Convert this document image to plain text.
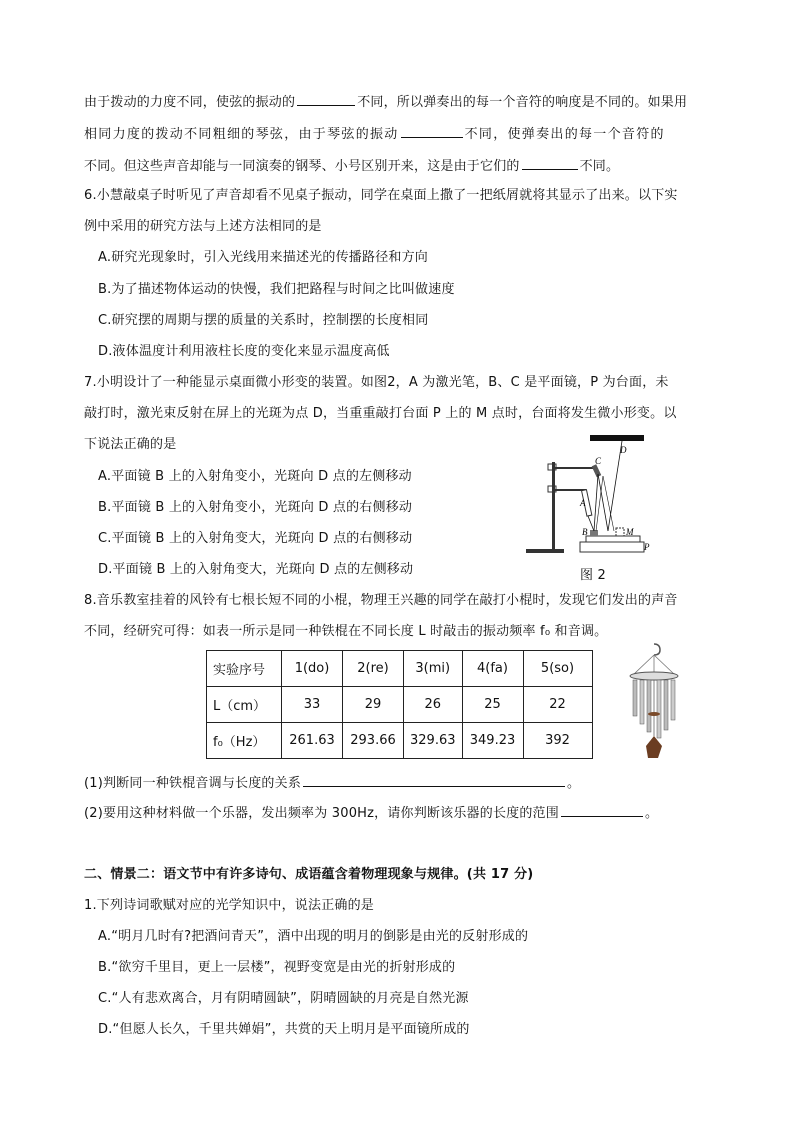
由于拨动的力度不同，使弦的振动的	不同，所以弹奏出的每一个音符的响度是不同的。如果用
相同力度的拨动不同粗细的琴弦，由于琴弦的振动	不同，使弹奏出的每一个音符的
不同。但这些声音却能与一同演奏的钢琴、小号区别开来，这是由于它们的	不同。
6.小慧敲桌子时听见了声音却看不见桌子振动，同学在桌面上撒了一把纸屑就将其显示了出来。以下实
例中采用的研究方法与上述方法相同的是
A.研究光现象时，引入光线用来描述光的传播路径和方向
B.为了描述物体运动的快慢，我们把路程与时间之比叫做速度
C.研究摆的周期与摆的质量的关系时，控制摆的长度相同
D.液体温度计利用液柱长度的变化来显示温度高低
7.小明设计了一种能显示桌面微小形变的装置。如图2，A 为激光笔，B、C 是平面镜，P 为台面，未
敲打时，激光束反射在屏上的光斑为点 D，当重重敲打台面 P 上的 M 点时，台面将发生微小形变。以
下说法正确的是
A.平面镜 B 上的入射角变小，光斑向 D 点的左侧移动
B.平面镜 B 上的入射角变小，光斑向 D 点的右侧移动
C.平面镜 B 上的入射角变大，光斑向 D 点的右侧移动
D.平面镜 B 上的入射角变大，光斑向 D 点的左侧移动
C
D
A
B	M
P
图 2
8.音乐教室挂着的风铃有七根长短不同的小棍，物理王兴趣的同学在敲打小棍时，发现它们发出的声音
不同，经研究可得：如表一所示是同一种铁棍在不同长度 L 时敲击的振动频率 f₀ 和音调。
实验序号	1(do)	2(re)	3(mi)	4(fa)	5(so)
L（cm）	33	29	26	25	22
f₀（Hz）	261.63	293.66	329.63	349.23	392
(1)判断同一种铁棍音调与长度的关系	。
(2)要用这种材料做一个乐器，发出频率为 300Hz，请你判断该乐器的长度的范围	。
二、情景二：语文节中有许多诗句、成语蕴含着物理现象与规律。(共 17 分)
1.下列诗词歌赋对应的光学知识中，说法正确的是
A.“明月几时有?把酒问青天”，酒中出现的明月的倒影是由光的反射形成的
B.“欲穷千里目，更上一层楼”，视野变宽是由光的折射形成的
C.“人有悲欢离合，月有阴晴圆缺”，阴晴圆缺的月亮是自然光源
D.“但愿人长久，千里共婵娟”，共赏的天上明月是平面镜所成的
